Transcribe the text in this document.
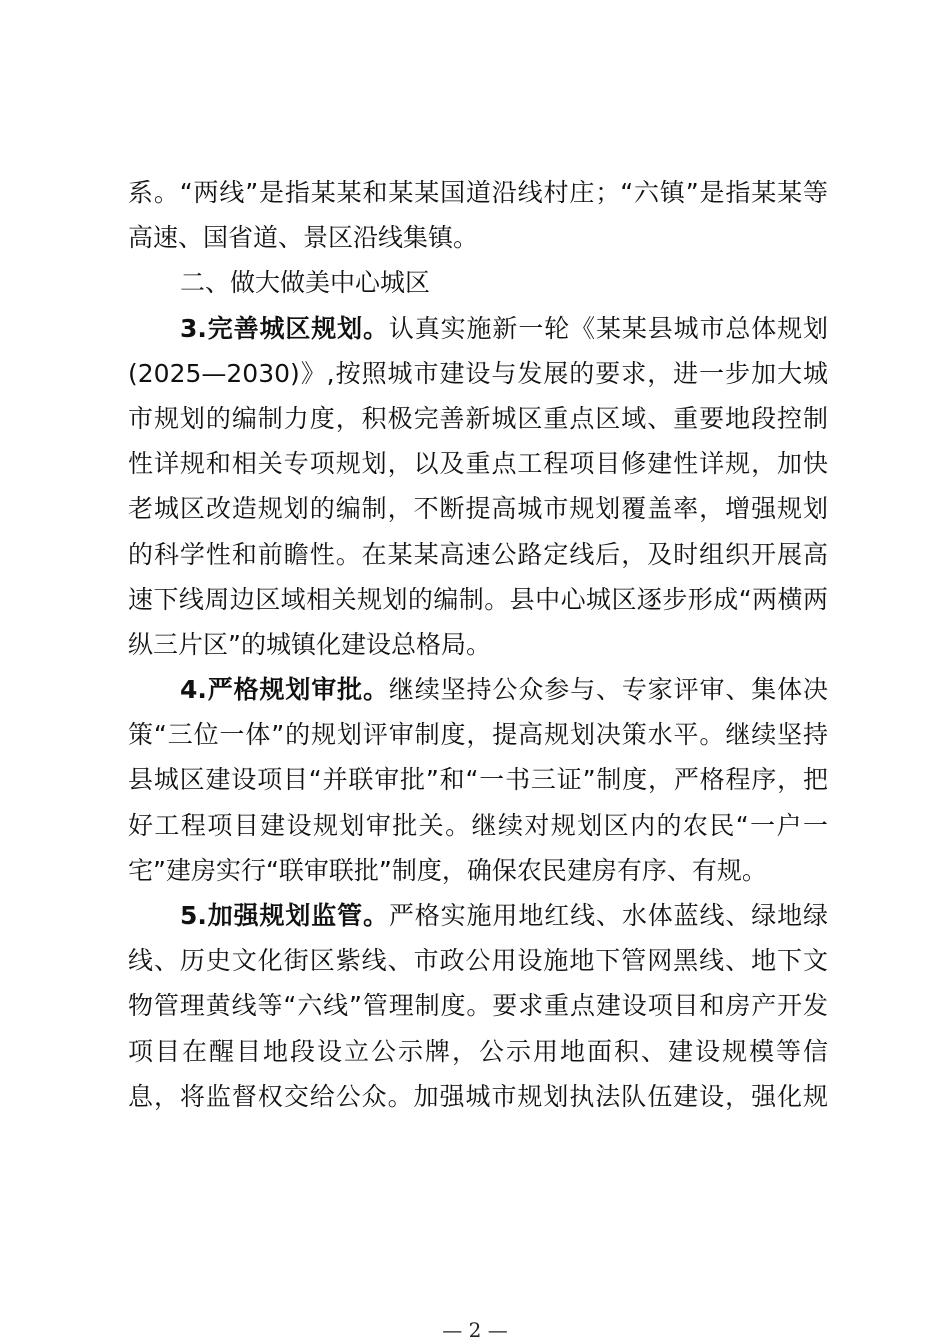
系。“两线”是指某某和某某国道沿线村庄；“六镇”是指某某等
高速、国省道、景区沿线集镇。
二、做大做美中心城区
3.完善城区规划。认真实施新一轮《某某县城市总体规划
(2025—2030)》,按照城市建设与发展的要求，进一步加大城
市规划的编制力度，积极完善新城区重点区域、重要地段控制
性详规和相关专项规划，以及重点工程项目修建性详规，加快
老城区改造规划的编制，不断提高城市规划覆盖率，增强规划
的科学性和前瞻性。在某某高速公路定线后，及时组织开展高
速下线周边区域相关规划的编制。县中心城区逐步形成“两横两
纵三片区”的城镇化建设总格局。
4.严格规划审批。继续坚持公众参与、专家评审、集体决
策“三位一体”的规划评审制度，提高规划决策水平。继续坚持
县城区建设项目“并联审批”和“一书三证”制度，严格程序，把
好工程项目建设规划审批关。继续对规划区内的农民“一户一
宅”建房实行“联审联批”制度，确保农民建房有序、有规。
5.加强规划监管。严格实施用地红线、水体蓝线、绿地绿
线、历史文化街区紫线、市政公用设施地下管网黑线、地下文
物管理黄线等“六线”管理制度。要求重点建设项目和房产开发
项目在醒目地段设立公示牌，公示用地面积、建设规模等信
息，将监督权交给公众。加强城市规划执法队伍建设，强化规
— 2 —
